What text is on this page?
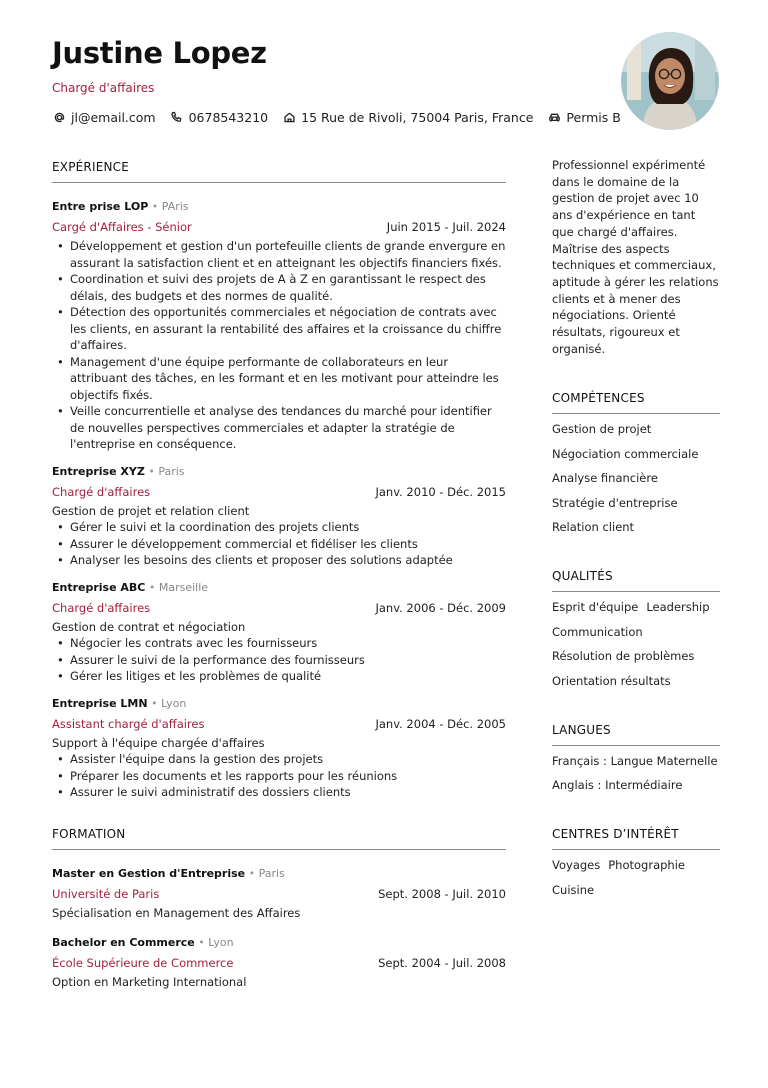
Justine Lopez
Chargé d'affaires
jl@email.com	0678543210	15 Rue de Rivoli, 75004 Paris, France	Permis B
EXPÉRIENCE
Entre prise LOP • PAris
Cargé d'Affaires - Sénior	Juin 2015 - Juil. 2024
• Développement et gestion d'un portefeuille clients de grande envergure en assurant la satisfaction client et en atteignant les objectifs financiers fixés.
• Coordination et suivi des projets de A à Z en garantissant le respect des délais, des budgets et des normes de qualité.
• Détection des opportunités commerciales et négociation de contrats avec les clients, en assurant la rentabilité des affaires et la croissance du chiffre d'affaires.
• Management d'une équipe performante de collaborateurs en leur attribuant des tâches, en les formant et en les motivant pour atteindre les objectifs fixés.
• Veille concurrentielle et analyse des tendances du marché pour identifier de nouvelles perspectives commerciales et adapter la stratégie de l'entreprise en conséquence.
Entreprise XYZ • Paris
Chargé d'affaires	Janv. 2010 - Déc. 2015
Gestion de projet et relation client
• Gérer le suivi et la coordination des projets clients
• Assurer le développement commercial et fidéliser les clients
• Analyser les besoins des clients et proposer des solutions adaptée
Entreprise ABC • Marseille
Chargé d'affaires	Janv. 2006 - Déc. 2009
Gestion de contrat et négociation
• Négocier les contrats avec les fournisseurs
• Assurer le suivi de la performance des fournisseurs
• Gérer les litiges et les problèmes de qualité
Entreprise LMN • Lyon
Assistant chargé d'affaires	Janv. 2004 - Déc. 2005
Support à l'équipe chargée d'affaires
• Assister l'équipe dans la gestion des projets
• Préparer les documents et les rapports pour les réunions
• Assurer le suivi administratif des dossiers clients
FORMATION
Master en Gestion d'Entreprise • Paris
Université de Paris	Sept. 2008 - Juil. 2010
Spécialisation en Management des Affaires
Bachelor en Commerce • Lyon
École Supérieure de Commerce	Sept. 2004 - Juil. 2008
Option en Marketing International
Professionnel expérimenté dans le domaine de la gestion de projet avec 10 ans d'expérience en tant que chargé d'affaires. Maîtrise des aspects techniques et commerciaux, aptitude à gérer les relations clients et à mener des négociations. Orienté résultats, rigoureux et organisé.
COMPÉTENCES
Gestion de projet
Négociation commerciale
Analyse financière
Stratégie d'entreprise
Relation client
QUALITÉS
Esprit d'équipe Leadership
Communication
Résolution de problèmes
Orientation résultats
LANGUES
Français : Langue Maternelle
Anglais : Intermédiaire
CENTRES D’INTÉRÊT
Voyages Photographie
Cuisine
